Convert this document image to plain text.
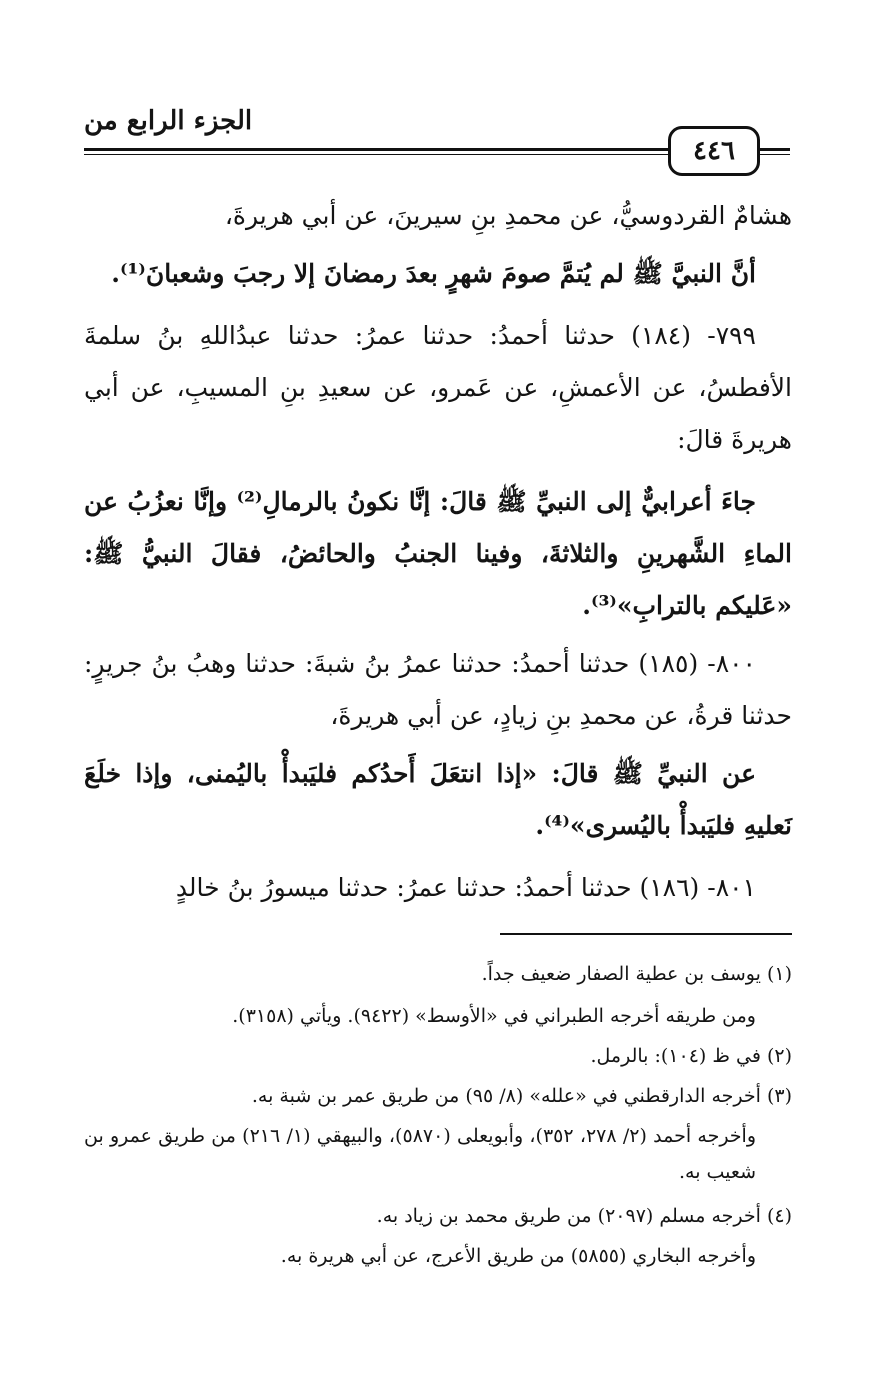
الجزء الرابع من
٤٤٦
هشامٌ القردوسيُّ، عن محمدِ بنِ سيرينَ، عن أبي هريرةَ،
أنَّ النبيَّ ﷺ لم يُتمَّ صومَ شهرٍ بعدَ رمضانَ إلا رجبَ وشعبانَ⁽¹⁾.
٧٩٩- (١٨٤) حدثنا أحمدُ: حدثنا عمرُ: حدثنا عبدُاللهِ بنُ سلمةَ الأفطسُ، عن الأعمشِ، عن عَمرو، عن سعيدِ بنِ المسيبِ، عن أبي هريرةَ قالَ:
جاءَ أعرابيٌّ إلى النبيِّ ﷺ قالَ: إنَّا نكونُ بالرمالِ⁽²⁾ وإنَّا نعزُبُ عن الماءِ الشَّهرينِ والثلاثةَ، وفينا الجنبُ والحائضُ، فقالَ النبيُّ ﷺ: «عَليكم بالترابِ»⁽³⁾.
٨٠٠- (١٨٥) حدثنا أحمدُ: حدثنا عمرُ بنُ شبةَ: حدثنا وهبُ بنُ جريرٍ: حدثنا قرةُ، عن محمدِ بنِ زيادٍ، عن أبي هريرةَ،
عن النبيِّ ﷺ قالَ: «إذا انتعَلَ أَحدُكم فليَبدأْ باليُمنى، وإذا خلَعَ نَعليهِ فليَبدأْ باليُسرى»⁽⁴⁾.
٨٠١- (١٨٦) حدثنا أحمدُ: حدثنا عمرُ: حدثنا ميسورُ بنُ خالدٍ
(١) يوسف بن عطية الصفار ضعيف جداً.
ومن طريقه أخرجه الطبراني في «الأوسط» (٩٤٢٢). ويأتي (٣١٥٨).
(٢) في ظ (١٠٤): بالرمل.
(٣) أخرجه الدارقطني في «علله» (٨/ ٩٥) من طريق عمر بن شبة به.
وأخرجه أحمد (٢/ ٢٧٨، ٣٥٢)، وأبويعلى (٥٨٧٠)، والبيهقي (١/ ٢١٦) من طريق عمرو بن شعيب به.
(٤) أخرجه مسلم (٢٠٩٧) من طريق محمد بن زياد به.
وأخرجه البخاري (٥٨٥٥) من طريق الأعرج، عن أبي هريرة به.
